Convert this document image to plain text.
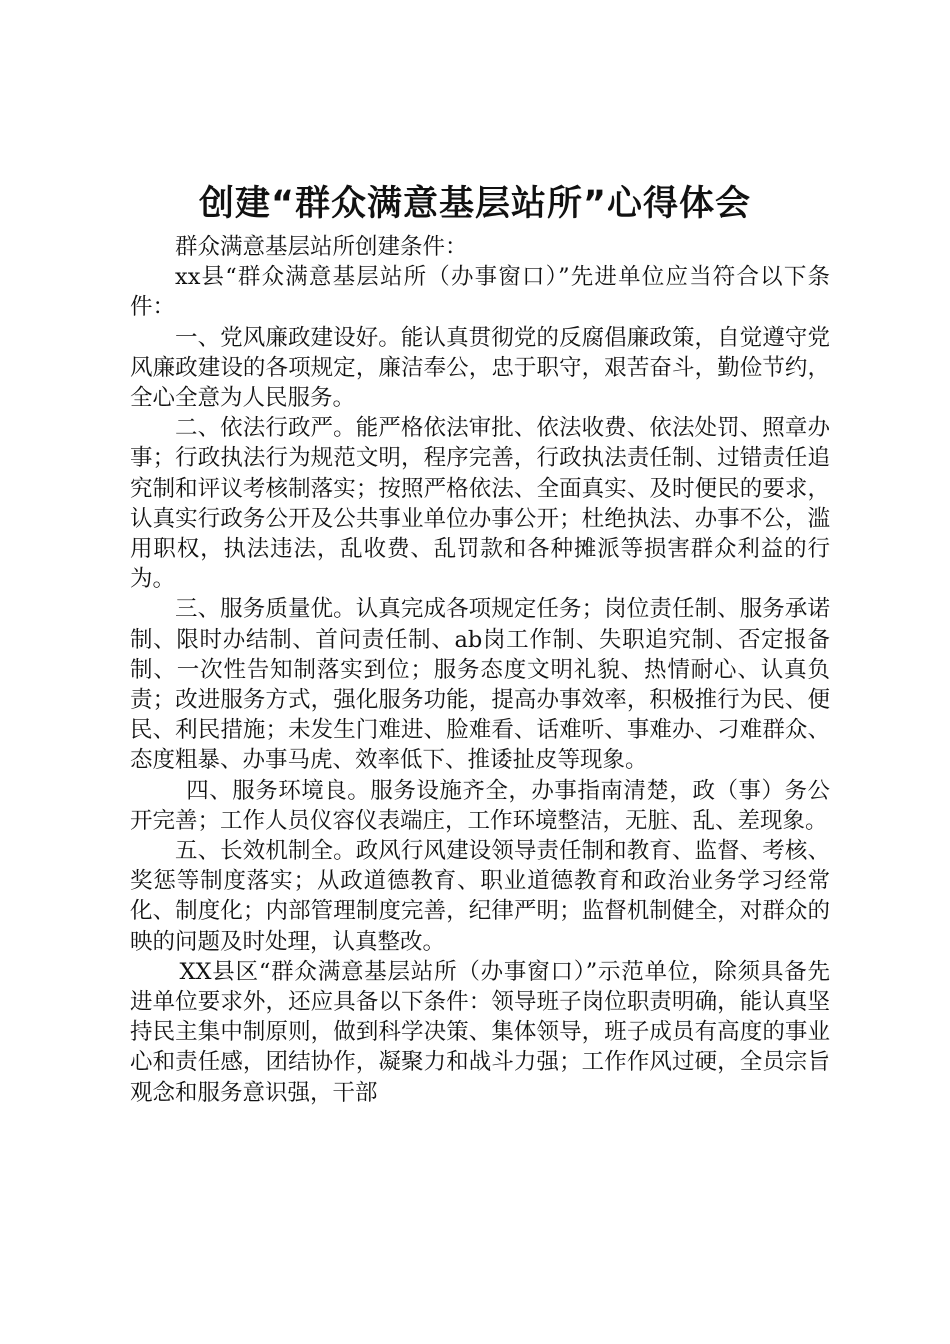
创建“群众满意基层站所”心得体会

群众满意基层站所创建条件：

xx县“群众满意基层站所（办事窗口）”先进单位应当符合以下条件：

一、党风廉政建设好。能认真贯彻党的反腐倡廉政策，自觉遵守党风廉政建设的各项规定，廉洁奉公，忠于职守，艰苦奋斗，勤俭节约，全心全意为人民服务。

二、依法行政严。能严格依法审批、依法收费、依法处罚、照章办事；行政执法行为规范文明，程序完善，行政执法责任制、过错责任追究制和评议考核制落实；按照严格依法、全面真实、及时便民的要求，认真实行政务公开及公共事业单位办事公开；杜绝执法、办事不公，滥用职权，执法违法，乱收费、乱罚款和各种摊派等损害群众利益的行为。

三、服务质量优。认真完成各项规定任务；岗位责任制、服务承诺制、限时办结制、首问责任制、ab岗工作制、失职追究制、否定报备制、一次性告知制落实到位；服务态度文明礼貌、热情耐心、认真负责；改进服务方式，强化服务功能，提高办事效率，积极推行为民、便民、利民措施；未发生门难进、脸难看、话难听、事难办、刁难群众、态度粗暴、办事马虎、效率低下、推诿扯皮等现象。

四、服务环境良。服务设施齐全，办事指南清楚，政（事）务公开完善；工作人员仪容仪表端庄，工作环境整洁，无脏、乱、差现象。

五、长效机制全。政风行风建设领导责任制和教育、监督、考核、奖惩等制度落实；从政道德教育、职业道德教育和政治业务学习经常化、制度化；内部管理制度完善，纪律严明；监督机制健全，对群众的映的问题及时处理，认真整改。

XX县区“群众满意基层站所（办事窗口）”示范单位，除须具备先进单位要求外，还应具备以下条件：领导班子岗位职责明确，能认真坚持民主集中制原则，做到科学决策、集体领导，班子成员有高度的事业心和责任感，团结协作，凝聚力和战斗力强；工作作风过硬，全员宗旨观念和服务意识强，干部
